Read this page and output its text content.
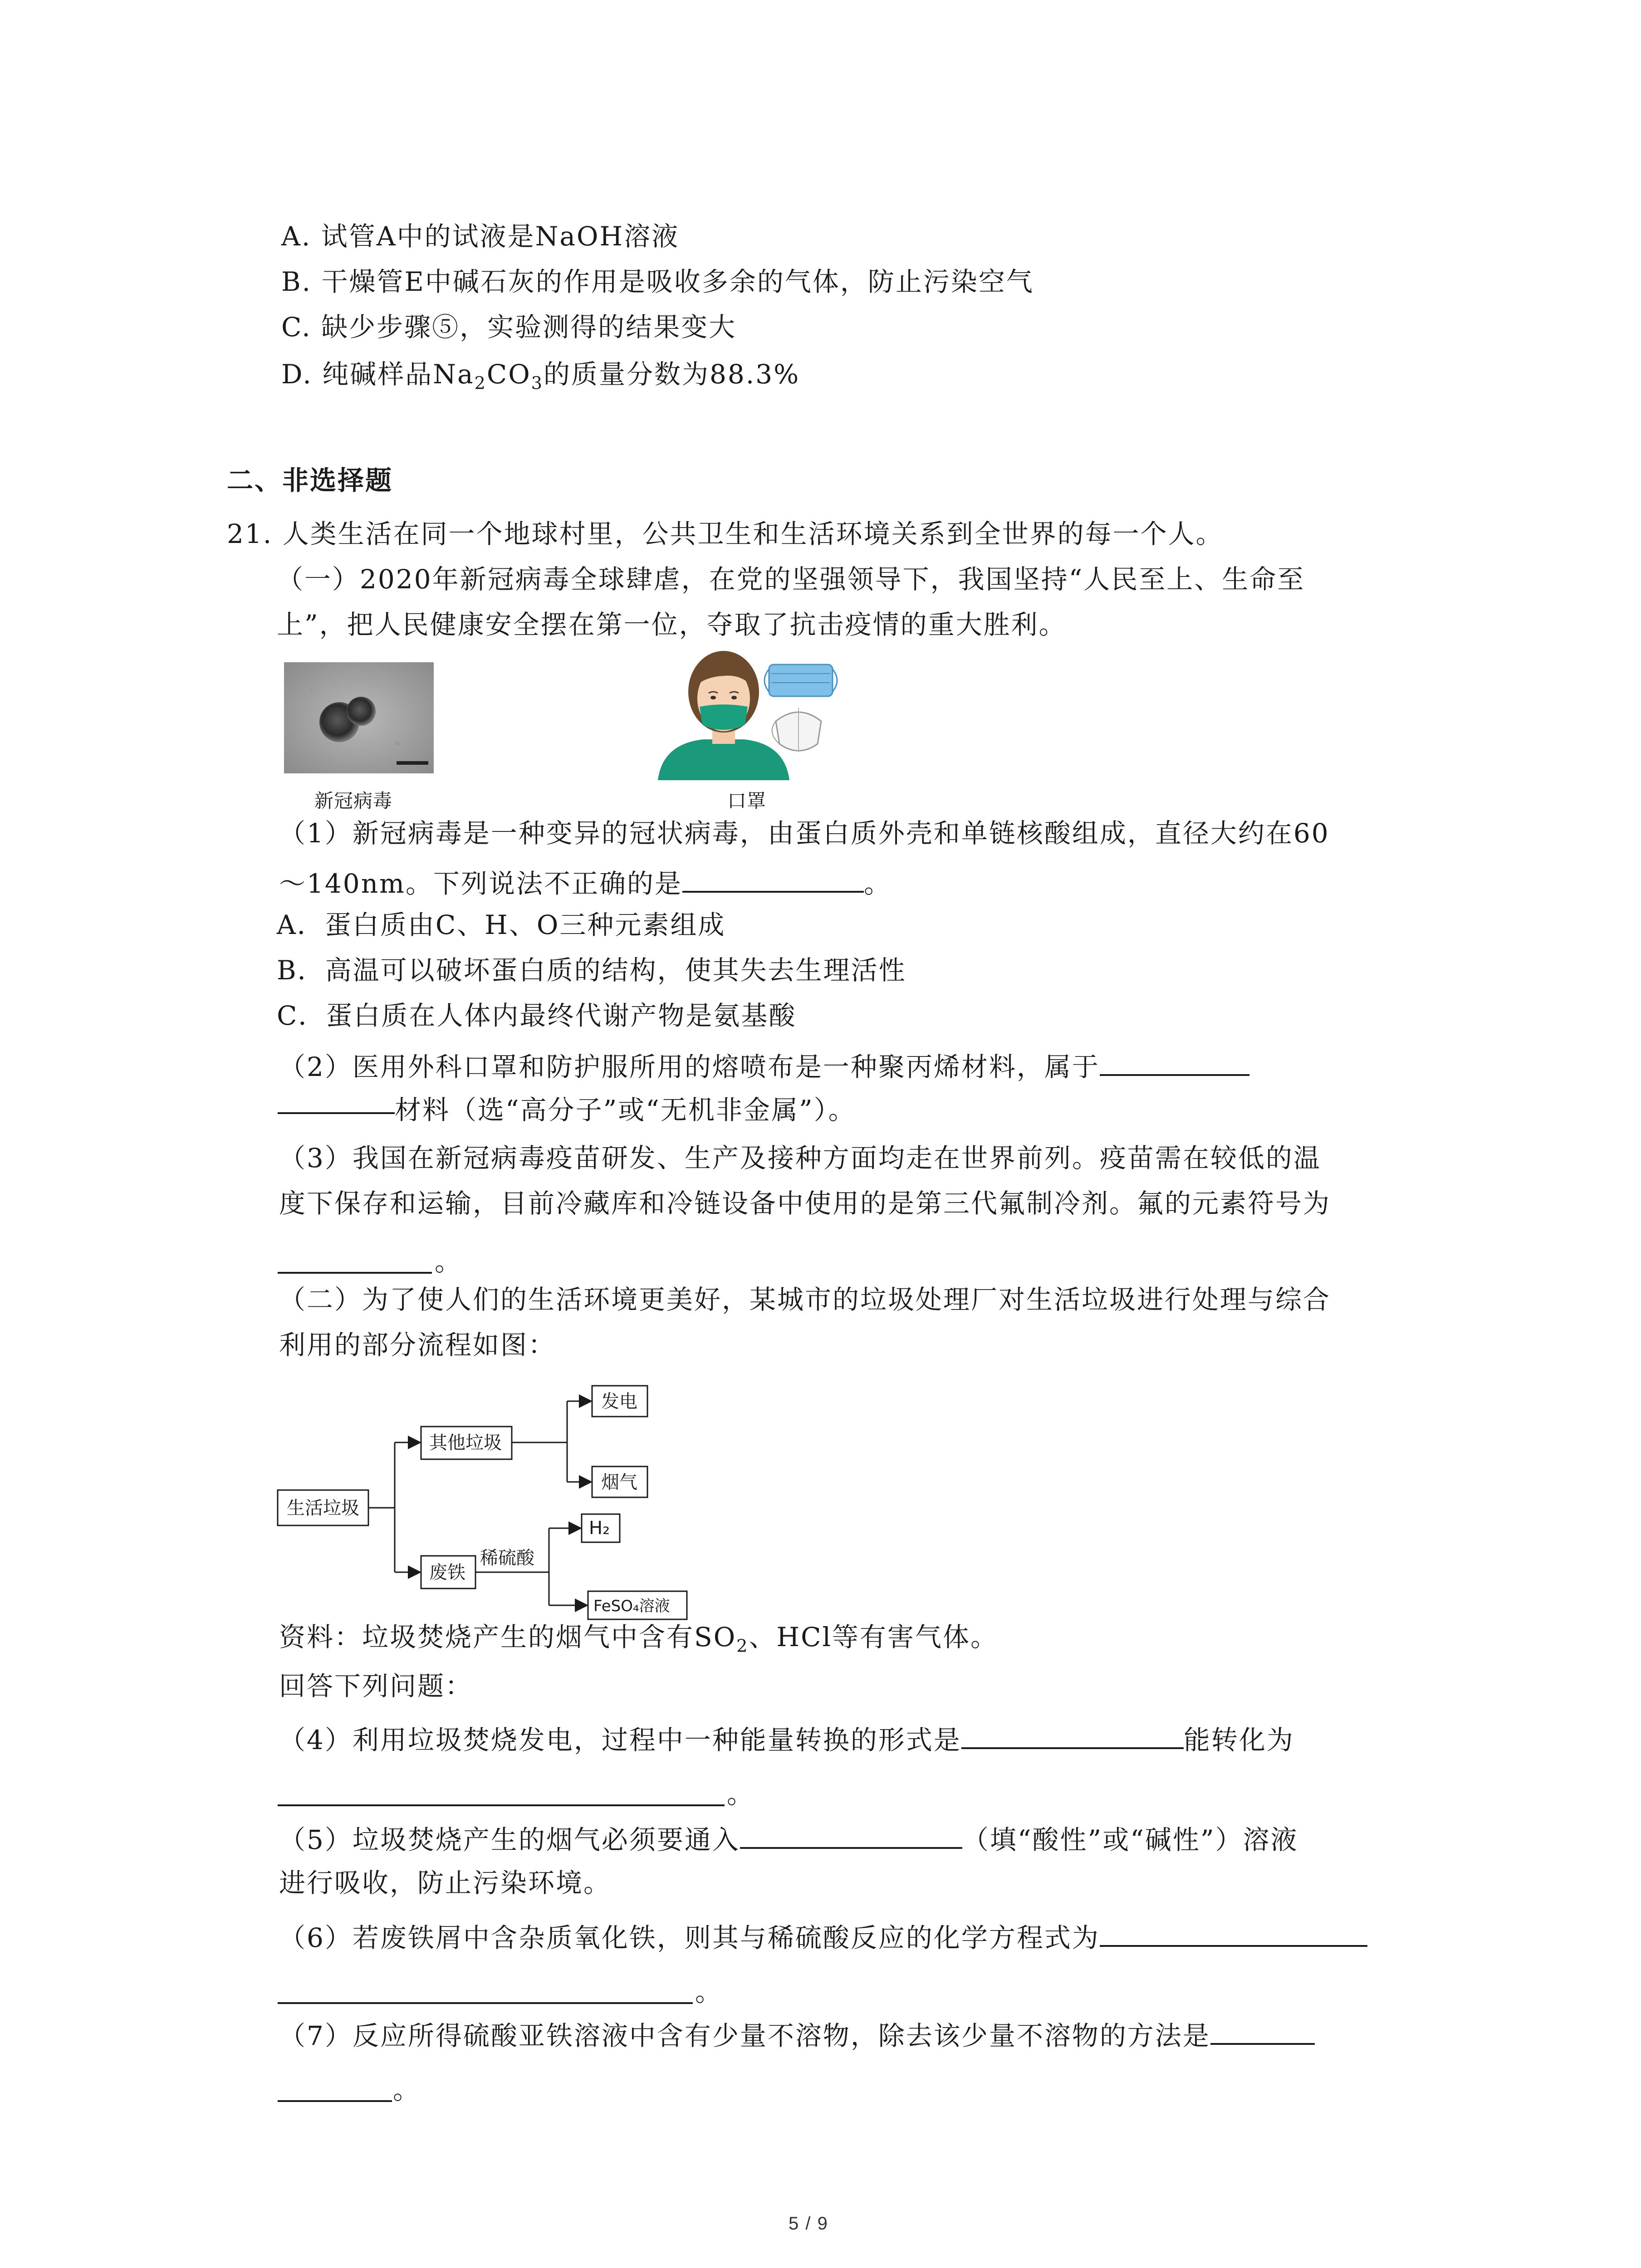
A. 试管A中的试液是NaOH溶液
B. 干燥管E中碱石灰的作用是吸收多余的气体，防止污染空气
C. 缺少步骤⑤，实验测得的结果变大
D. 纯碱样品$Na_2CO_3$的质量分数为88.3%
二、非选择题
21. 人类生活在同一个地球村里，公共卫生和生活环境关系到全世界的每一个人。
（一）2020年新冠病毒全球肆虐，在党的坚强领导下，我国坚持“人民至上、生命至
上”，把人民健康安全摆在第一位，夺取了抗击疫情的重大胜利。
新冠病毒	口罩
（1）新冠病毒是一种变异的冠状病毒，由蛋白质外壳和单链核酸组成，直径大约在60
～140nm。下列说法不正确的是	。
A．蛋白质由C、H、O三种元素组成
B．高温可以破坏蛋白质的结构，使其失去生理活性
C．蛋白质在人体内最终代谢产物是氨基酸
（2）医用外科口罩和防护服所用的熔喷布是一种聚丙烯材料，属于
材料（选“高分子”或“无机非金属”）。
（3）我国在新冠病毒疫苗研发、生产及接种方面均走在世界前列。疫苗需在较低的温
度下保存和运输，目前冷藏库和冷链设备中使用的是第三代氟制冷剂。氟的元素符号为
。
（二）为了使人们的生活环境更美好，某城市的垃圾处理厂对生活垃圾进行处理与综合
利用的部分流程如图：
生活垃圾
其他垃圾
发电
烟气
废铁
稀硫酸
H₂
FeSO₄溶液
资料：垃圾焚烧产生的烟气中含有$SO_2$、HCl等有害气体。
回答下列问题：
（4）利用垃圾焚烧发电，过程中一种能量转换的形式是	能转化为
。
（5）垃圾焚烧产生的烟气必须要通入	（填“酸性”或“碱性”）溶液
进行吸收，防止污染环境。
（6）若废铁屑中含杂质氧化铁，则其与稀硫酸反应的化学方程式为
。
（7）反应所得硫酸亚铁溶液中含有少量不溶物，除去该少量不溶物的方法是
。
5 / 9
